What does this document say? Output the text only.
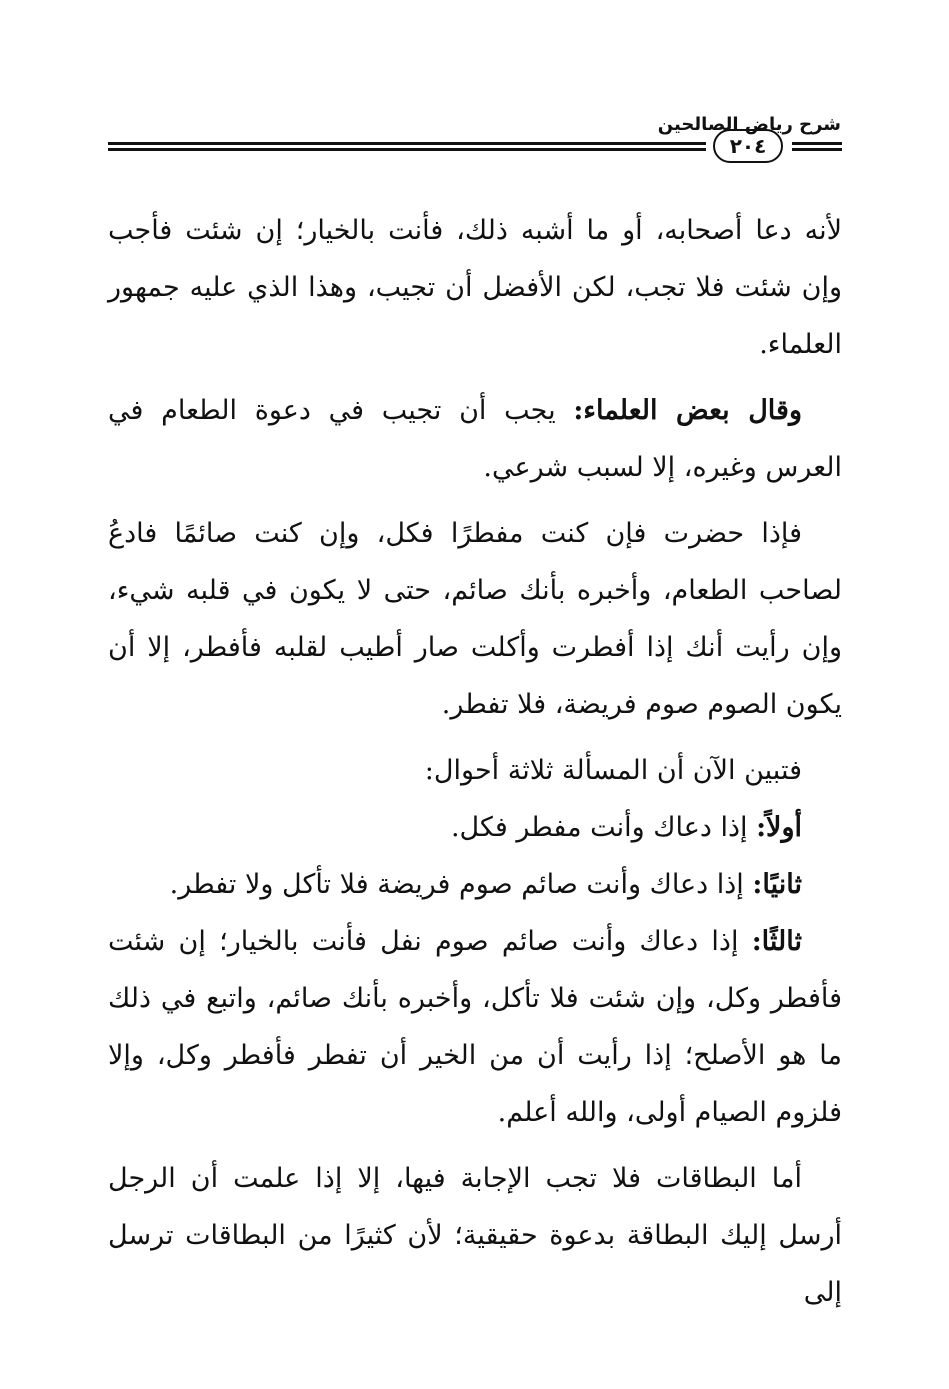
شرح رياض الصالحين
٢٠٤

لأنه دعا أصحابه، أو ما أشبه ذلك، فأنت بالخيار؛ إن شئت فأجب وإن شئت فلا تجب، لكن الأفضل أن تجيب، وهذا الذي عليه جمهور العلماء.

وقال بعض العلماء: يجب أن تجيب في دعوة الطعام في العرس وغيره، إلا لسبب شرعي.

فإذا حضرت فإن كنت مفطرًا فكل، وإن كنت صائمًا فادعُ لصاحب الطعام، وأخبره بأنك صائم، حتى لا يكون في قلبه شيء، وإن رأيت أنك إذا أفطرت وأكلت صار أطيب لقلبه فأفطر، إلا أن يكون الصوم صوم فريضة، فلا تفطر.

فتبين الآن أن المسألة ثلاثة أحوال:

أولاً: إذا دعاك وأنت مفطر فكل.

ثانيًا: إذا دعاك وأنت صائم صوم فريضة فلا تأكل ولا تفطر.

ثالثًا: إذا دعاك وأنت صائم صوم نفل فأنت بالخيار؛ إن شئت فأفطر وكل، وإن شئت فلا تأكل، وأخبره بأنك صائم، واتبع في ذلك ما هو الأصلح؛ إذا رأيت أن من الخير أن تفطر فأفطر وكل، وإلا فلزوم الصيام أولى، والله أعلم.

أما البطاقات فلا تجب الإجابة فيها، إلا إذا علمت أن الرجل أرسل إليك البطاقة بدعوة حقيقية؛ لأن كثيرًا من البطاقات ترسل إلى
